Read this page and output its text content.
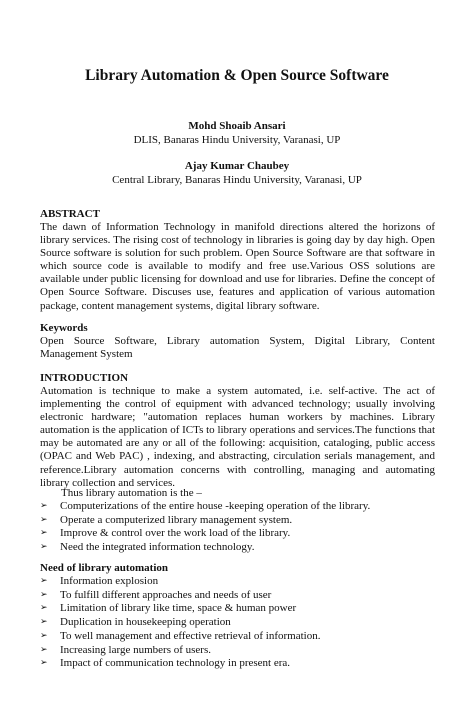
Library Automation & Open Source Software
Mohd Shoaib Ansari
DLIS, Banaras Hindu University, Varanasi, UP
Ajay Kumar Chaubey
Central Library, Banaras Hindu University, Varanasi, UP
ABSTRACT
The dawn of Information Technology in manifold directions altered the horizons of library services. The rising cost of technology in libraries is going day by day high. Open Source software is solution for such problem. Open Source Software are that software in which source code is available to modify and free use.Various OSS solutions are available under public licensing for download and use for libraries. Define the concept of Open Source Software. Discuses use, features and application of various automation package, content management systems, digital library software.
Keywords
Open Source Software, Library automation System, Digital Library, Content Management System
INTRODUCTION
Automation is technique to make a system automated, i.e. self-active. The act of implementing the control of equipment with advanced technology; usually involving electronic hardware; "automation replaces human workers by machines. Library automation is the application of ICTs to library operations and services.The functions that may be automated are any or all of the following: acquisition, cataloging, public access (OPAC and Web PAC) , indexing, and abstracting, circulation serials management, and reference.Library automation concerns with controlling, managing and automating library collection and services.
Thus library automation is the –
➢ Computerizations of the entire house -keeping operation of the library.
➢ Operate a computerized library management system.
➢ Improve & control over the work load of the library.
➢ Need the integrated information technology.
Need of library automation
➢ Information explosion
➢ To fulfill different approaches and needs of user
➢ Limitation of library like time, space & human power
➢ Duplication in housekeeping operation
➢ To well management and effective retrieval of information.
➢ Increasing large numbers of users.
➢ Impact of communication technology in present era.
